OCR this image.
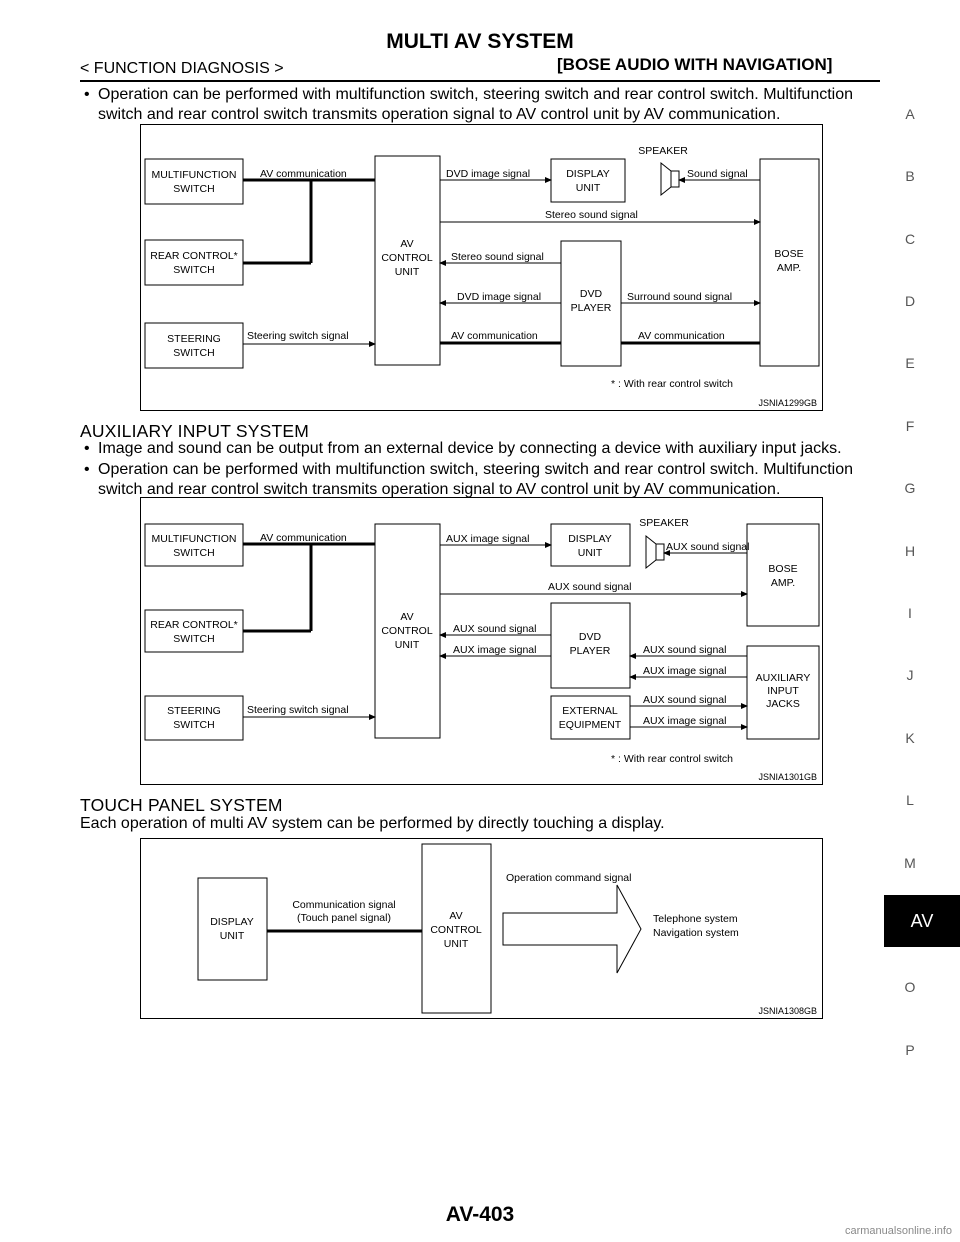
MULTI AV SYSTEM
< FUNCTION DIAGNOSIS >	[BOSE AUDIO WITH NAVIGATION]
• Operation can be performed with multifunction switch, steering switch and rear control switch. Multifunction switch and rear control switch transmits operation signal to AV control unit by AV communication.
MULTIFUNCTION
SWITCH
REAR CONTROL*
SWITCH
STEERING
SWITCH
AV
CONTROL
UNIT
DISPLAY
UNIT
DVD
PLAYER
BOSE
AMP.
SPEAKER
AV communication
Steering switch signal
DVD image signal	Sound signal
Stereo sound signal
Stereo sound signal
DVD image signal
AV communication
Surround sound signal
AV communication
* : With rear control switch
JSNIA1299GB
AUXILIARY INPUT SYSTEM
• Image and sound can be output from an external device by connecting a device with auxiliary input jacks.
• Operation can be performed with multifunction switch, steering switch and rear control switch. Multifunction switch and rear control switch transmits operation signal to AV control unit by AV communication.
MULTIFUNCTION
SWITCH
REAR CONTROL*
SWITCH
STEERING
SWITCH
AV
CONTROL
UNIT
DISPLAY
UNIT
DVD
PLAYER
EXTERNAL
EQUIPMENT
BOSE
AMP.
AUXILIARY
INPUT
JACKS
SPEAKER
AV communication
Steering switch signal
AUX image signal
AUX sound signal
AUX sound signal
AUX sound signal
AUX image signal	AUX sound signal
AUX image signal
AUX sound signal
AUX image signal
* : With rear control switch
JSNIA1301GB
TOUCH PANEL SYSTEM
Each operation of multi AV system can be performed by directly touching a display.
DISPLAY
UNIT
AV
CONTROL
UNIT
Communication signal
(Touch panel signal)
Operation command signal
Telephone system
Navigation system
JSNIA1308GB
A
B
C
D
E
F
G
H
I
J
K
L
M
AV
O
P
AV-403
carmanualsonline.info
